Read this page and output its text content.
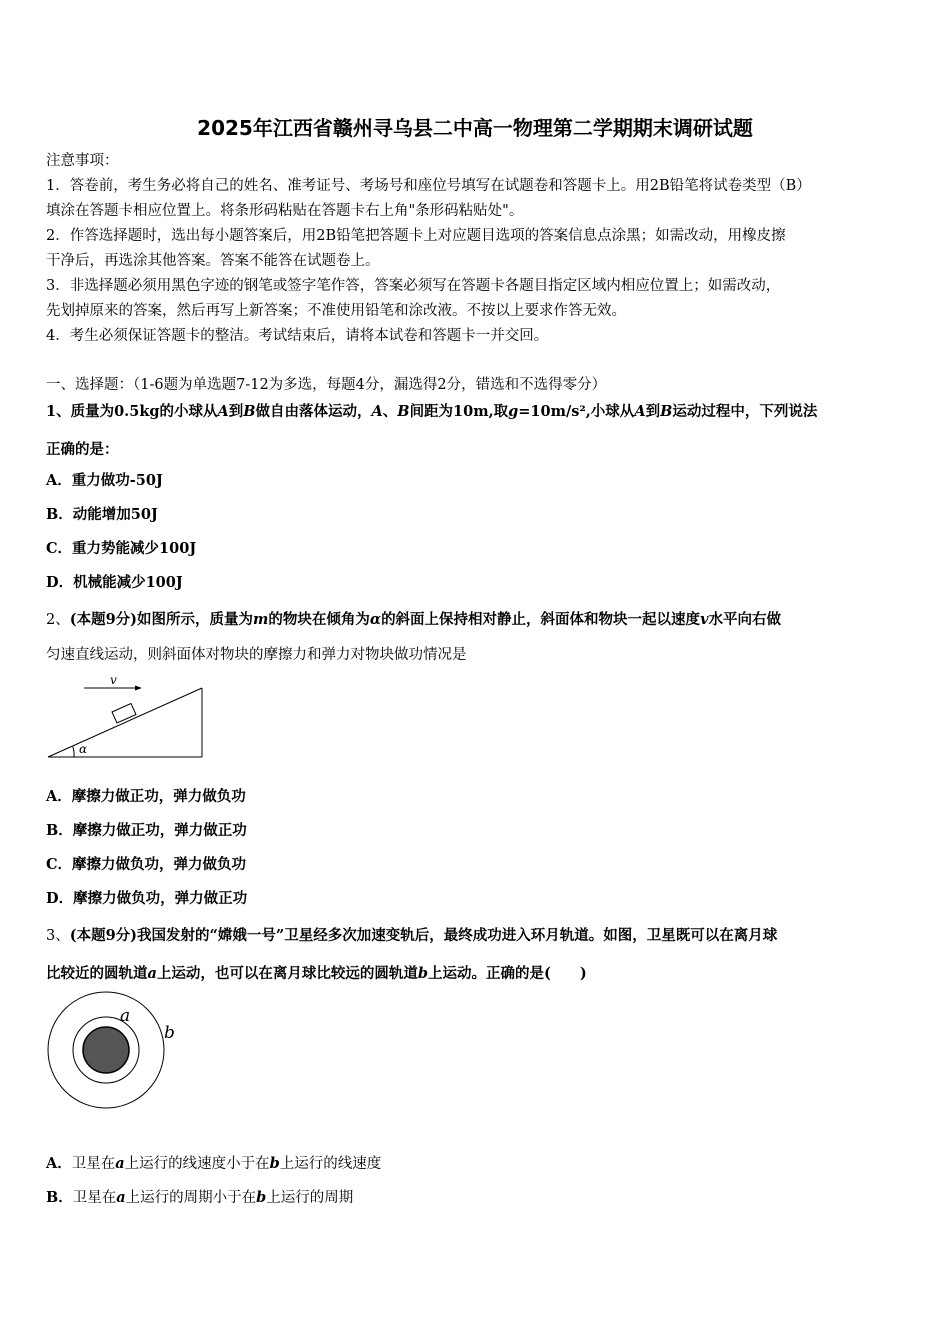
2025年江西省赣州寻乌县二中高一物理第二学期期末调研试题
注意事项：
1．答卷前，考生务必将自己的姓名、准考证号、考场号和座位号填写在试题卷和答题卡上。用2B铅笔将试卷类型（B）
填涂在答题卡相应位置上。将条形码粘贴在答题卡右上角"条形码粘贴处"。
2．作答选择题时，选出每小题答案后，用2B铅笔把答题卡上对应题目选项的答案信息点涂黑；如需改动，用橡皮擦
干净后，再选涂其他答案。答案不能答在试题卷上。
3．非选择题必须用黑色字迹的钢笔或签字笔作答，答案必须写在答题卡各题目指定区域内相应位置上；如需改动，
先划掉原来的答案，然后再写上新答案；不准使用铅笔和涂改液。不按以上要求作答无效。
4．考生必须保证答题卡的整洁。考试结束后，请将本试卷和答题卡一并交回。
一、选择题：（1-6题为单选题7-12为多选，每题4分，漏选得2分，错选和不选得零分）
1、质量为0.5kg的小球从A到B做自由落体运动，A、B间距为10m,取g=10m/s²,小球从A到B运动过程中，下列说法
正确的是：
A．重力做功-50J
B．动能增加50J
C．重力势能减少100J
D．机械能减少100J
2、(本题9分)如图所示，质量为m的物块在倾角为α的斜面上保持相对静止，斜面体和物块一起以速度v水平向右做
匀速直线运动，则斜面体对物块的摩擦力和弹力对物块做功情况是
v
α
A．摩擦力做正功，弹力做负功
B．摩擦力做正功，弹力做正功
C．摩擦力做负功，弹力做负功
D．摩擦力做负功，弹力做正功
3、(本题9分)我国发射的“嫦娥一号”卫星经多次加速变轨后，最终成功进入环月轨道。如图，卫星既可以在离月球
比较近的圆轨道a上运动，也可以在离月球比较远的圆轨道b上运动。正确的是(　　)
a
b
A．卫星在a上运行的线速度小于在b上运行的线速度
B．卫星在a上运行的周期小于在b上运行的周期
